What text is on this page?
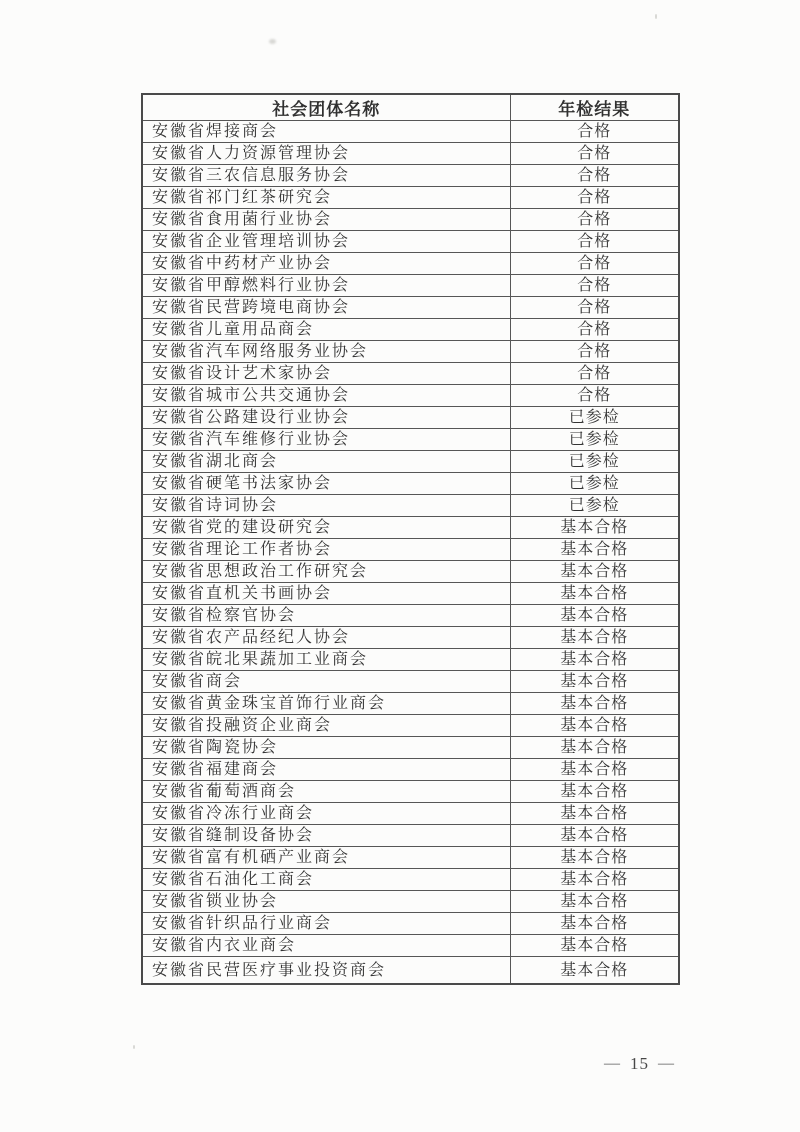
社会团体名称	年检结果
安徽省焊接商会	合格
安徽省人力资源管理协会	合格
安徽省三农信息服务协会	合格
安徽省祁门红茶研究会	合格
安徽省食用菌行业协会	合格
安徽省企业管理培训协会	合格
安徽省中药材产业协会	合格
安徽省甲醇燃料行业协会	合格
安徽省民营跨境电商协会	合格
安徽省儿童用品商会	合格
安徽省汽车网络服务业协会	合格
安徽省设计艺术家协会	合格
安徽省城市公共交通协会	合格
安徽省公路建设行业协会	已参检
安徽省汽车维修行业协会	已参检
安徽省湖北商会	已参检
安徽省硬笔书法家协会	已参检
安徽省诗词协会	已参检
安徽省党的建设研究会	基本合格
安徽省理论工作者协会	基本合格
安徽省思想政治工作研究会	基本合格
安徽省直机关书画协会	基本合格
安徽省检察官协会	基本合格
安徽省农产品经纪人协会	基本合格
安徽省皖北果蔬加工业商会	基本合格
安徽省商会	基本合格
安徽省黄金珠宝首饰行业商会	基本合格
安徽省投融资企业商会	基本合格
安徽省陶瓷协会	基本合格
安徽省福建商会	基本合格
安徽省葡萄酒商会	基本合格
安徽省冷冻行业商会	基本合格
安徽省缝制设备协会	基本合格
安徽省富有机硒产业商会	基本合格
安徽省石油化工商会	基本合格
安徽省锁业协会	基本合格
安徽省针织品行业商会	基本合格
安徽省内衣业商会	基本合格
安徽省民营医疗事业投资商会	基本合格
— 15 —
